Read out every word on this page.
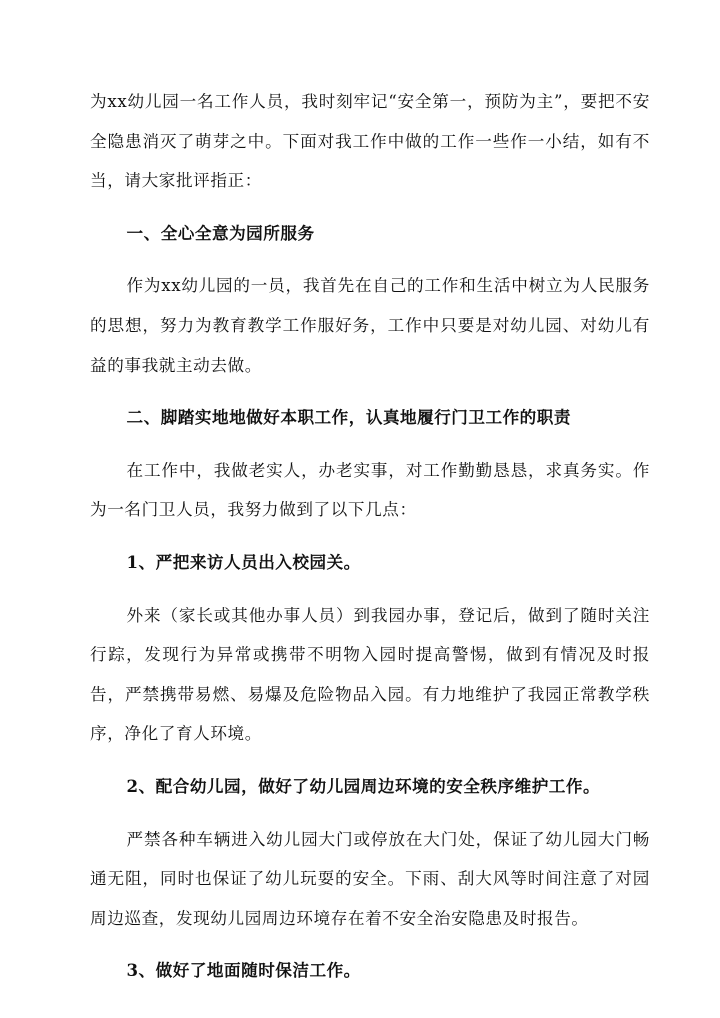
为xx幼儿园一名工作人员，我时刻牢记“安全第一，预防为主”，要把不安全隐患消灭了萌芽之中。下面对我工作中做的工作一些作一小结，如有不当，请大家批评指正：

一、全心全意为园所服务

作为xx幼儿园的一员，我首先在自己的工作和生活中树立为人民服务的思想，努力为教育教学工作服好务，工作中只要是对幼儿园、对幼儿有益的事我就主动去做。

二、脚踏实地地做好本职工作，认真地履行门卫工作的职责

在工作中，我做老实人，办老实事，对工作勤勤恳恳，求真务实。作为一名门卫人员，我努力做到了以下几点：

1、严把来访人员出入校园关。

外来（家长或其他办事人员）到我园办事，登记后，做到了随时关注行踪，发现行为异常或携带不明物入园时提高警惕，做到有情况及时报告，严禁携带易燃、易爆及危险物品入园。有力地维护了我园正常教学秩序，净化了育人环境。

2、配合幼儿园，做好了幼儿园周边环境的安全秩序维护工作。

严禁各种车辆进入幼儿园大门或停放在大门处，保证了幼儿园大门畅通无阻，同时也保证了幼儿玩耍的安全。下雨、刮大风等时间注意了对园周边巡查，发现幼儿园周边环境存在着不安全治安隐患及时报告。

3、做好了地面随时保洁工作。
